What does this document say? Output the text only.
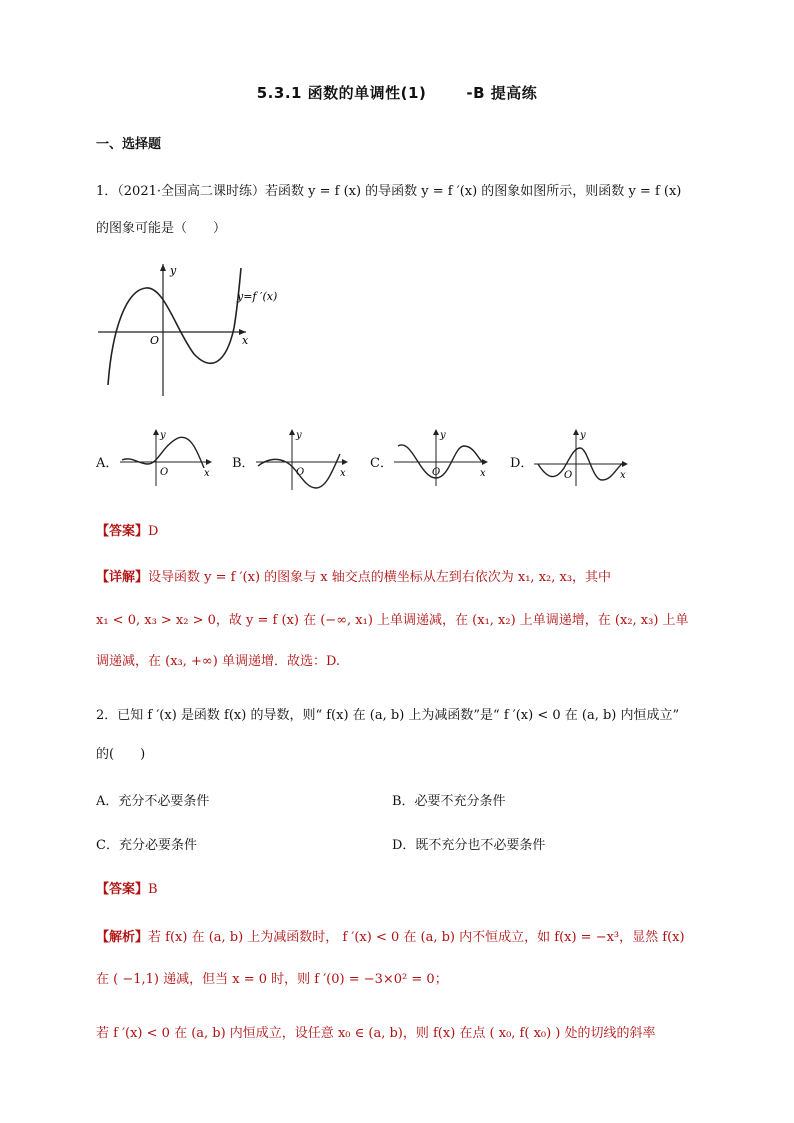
5.3.1 函数的单调性(1)	-B 提高练
一、选择题
1．（2021·全国高二课时练）若函数 y = f (x) 的导函数 y = f ′(x) 的图象如图所示，则函数 y = f (x)
的图象可能是（　　）
y
x
O
y=f ′(x)
A．
y
x
O
B．
y
x
O
C．
y
x
O
D．
y
x
O
【答案】D
【详解】设导函数 y = f ′(x) 的图象与 x 轴交点的横坐标从左到右依次为 x₁, x₂, x₃，其中
x₁ < 0, x₃ > x₂ > 0，故 y = f (x) 在 (−∞, x₁) 上单调递减，在 (x₁, x₂) 上单调递增，在 (x₂, x₃) 上单
调递减，在 (x₃, +∞) 单调递增．故选：D.
2．已知 f ′(x) 是函数 f(x) 的导数，则“ f(x) 在 (a, b) 上为减函数”是“ f ′(x) < 0 在 (a, b) 内恒成立”
的(　　)
A．充分不必要条件	B．必要不充分条件
C．充分必要条件	D．既不充分也不必要条件
【答案】B
【解析】若 f(x) 在 (a, b) 上为减函数时， f ′(x) < 0 在 (a, b) 内不恒成立，如 f(x) = −x³，显然 f(x)
在 ( −1,1) 递减，但当 x = 0 时，则 f ′(0) = −3×0² = 0；
若 f ′(x) < 0 在 (a, b) 内恒成立，设任意 x₀ ∈ (a, b)，则 f(x) 在点 ( x₀, f( x₀) ) 处的切线的斜率
